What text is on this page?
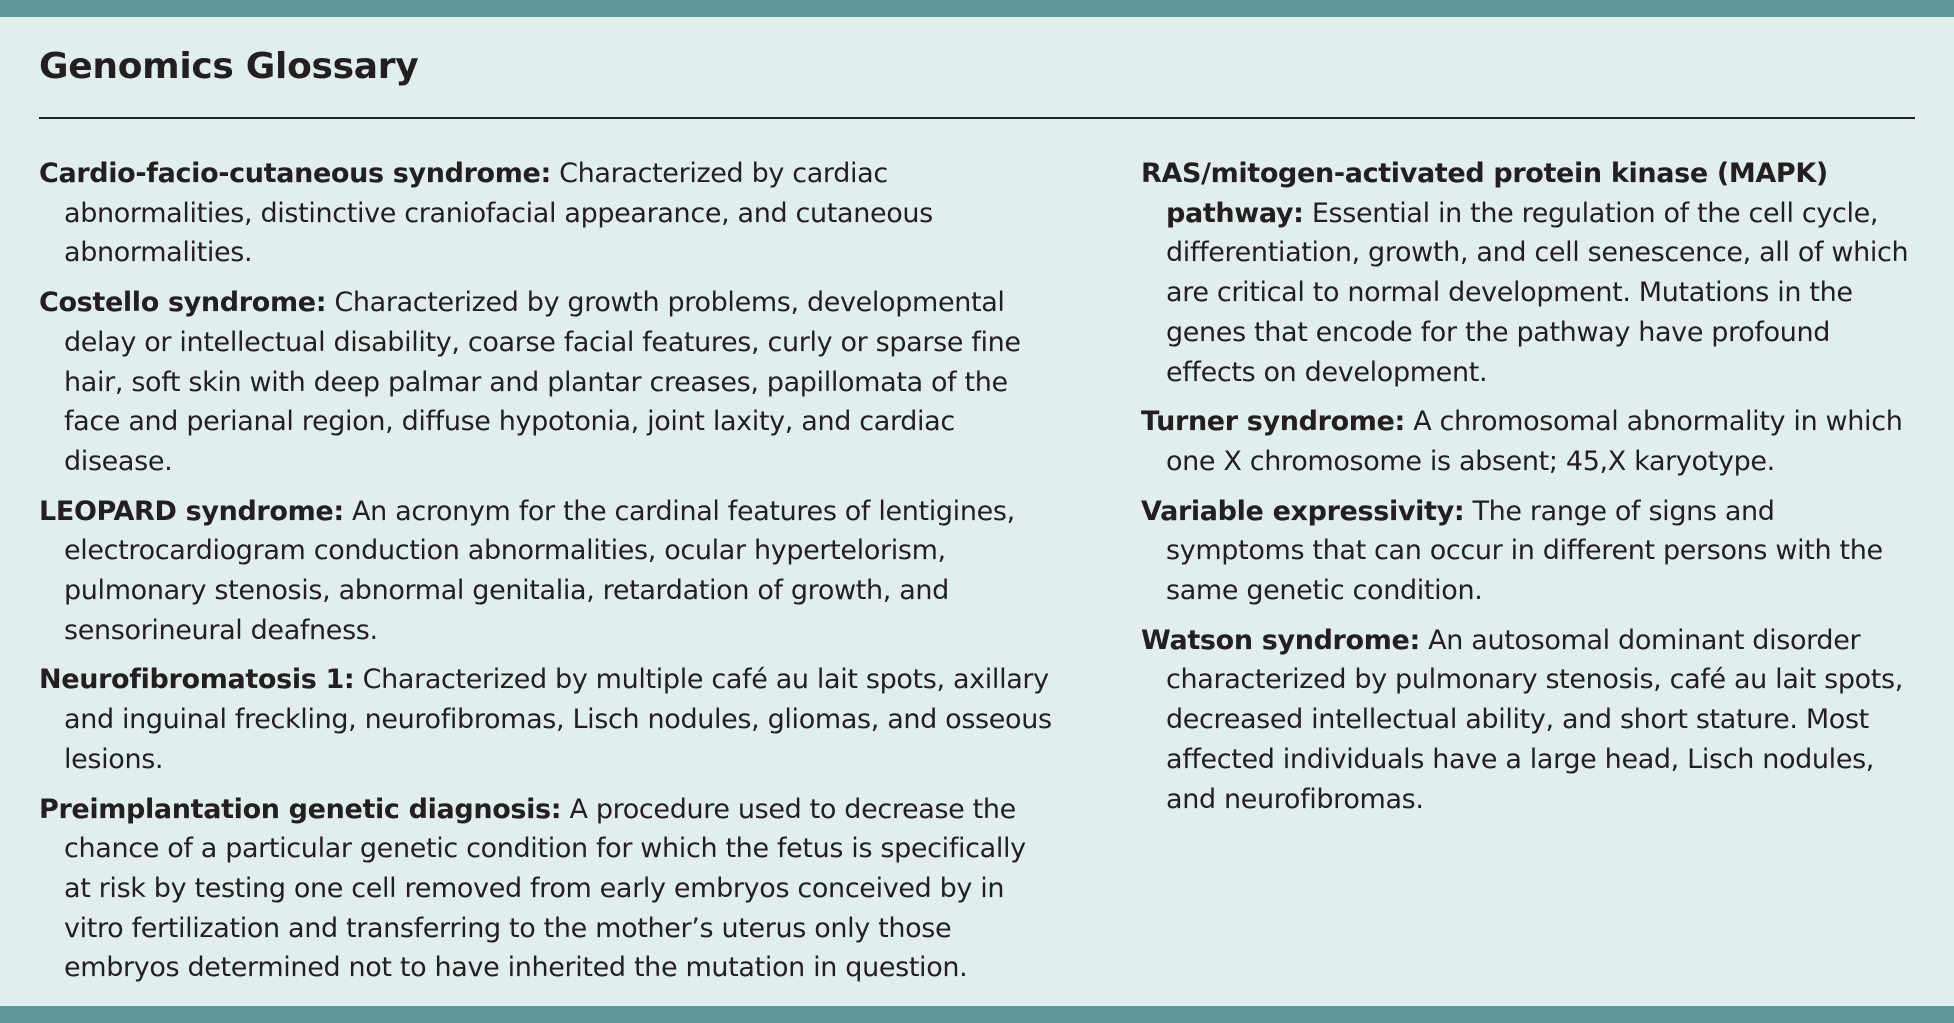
Genomics Glossary

Cardio-facio-cutaneous syndrome: Characterized by cardiac abnormalities, distinctive craniofacial appearance, and cutaneous abnormalities.

Costello syndrome: Characterized by growth problems, developmental delay or intellectual disability, coarse facial features, curly or sparse fine hair, soft skin with deep palmar and plantar creases, papillomata of the face and perianal region, diffuse hypotonia, joint laxity, and cardiac disease.

LEOPARD syndrome: An acronym for the cardinal features of lentigines, electrocardiogram conduction abnormalities, ocular hypertelorism, pulmonary stenosis, abnormal genitalia, retardation of growth, and sensorineural deafness.

Neurofibromatosis 1: Characterized by multiple café au lait spots, axillary and inguinal freckling, neurofibromas, Lisch nodules, gliomas, and osseous lesions.

Preimplantation genetic diagnosis: A procedure used to decrease the chance of a particular genetic condition for which the fetus is specifically at risk by testing one cell removed from early embryos conceived by in vitro fertilization and transferring to the mother’s uterus only those embryos determined not to have inherited the mutation in question.

RAS/mitogen-activated protein kinase (MAPK) pathway: Essential in the regulation of the cell cycle, differentiation, growth, and cell senescence, all of which are critical to normal development. Mutations in the genes that encode for the pathway have profound effects on development.

Turner syndrome: A chromosomal abnormality in which one X chromosome is absent; 45,X karyotype.

Variable expressivity: The range of signs and symptoms that can occur in different persons with the same genetic condition.

Watson syndrome: An autosomal dominant disorder characterized by pulmonary stenosis, café au lait spots, decreased intellectual ability, and short stature. Most affected individuals have a large head, Lisch nodules, and neurofibromas.
